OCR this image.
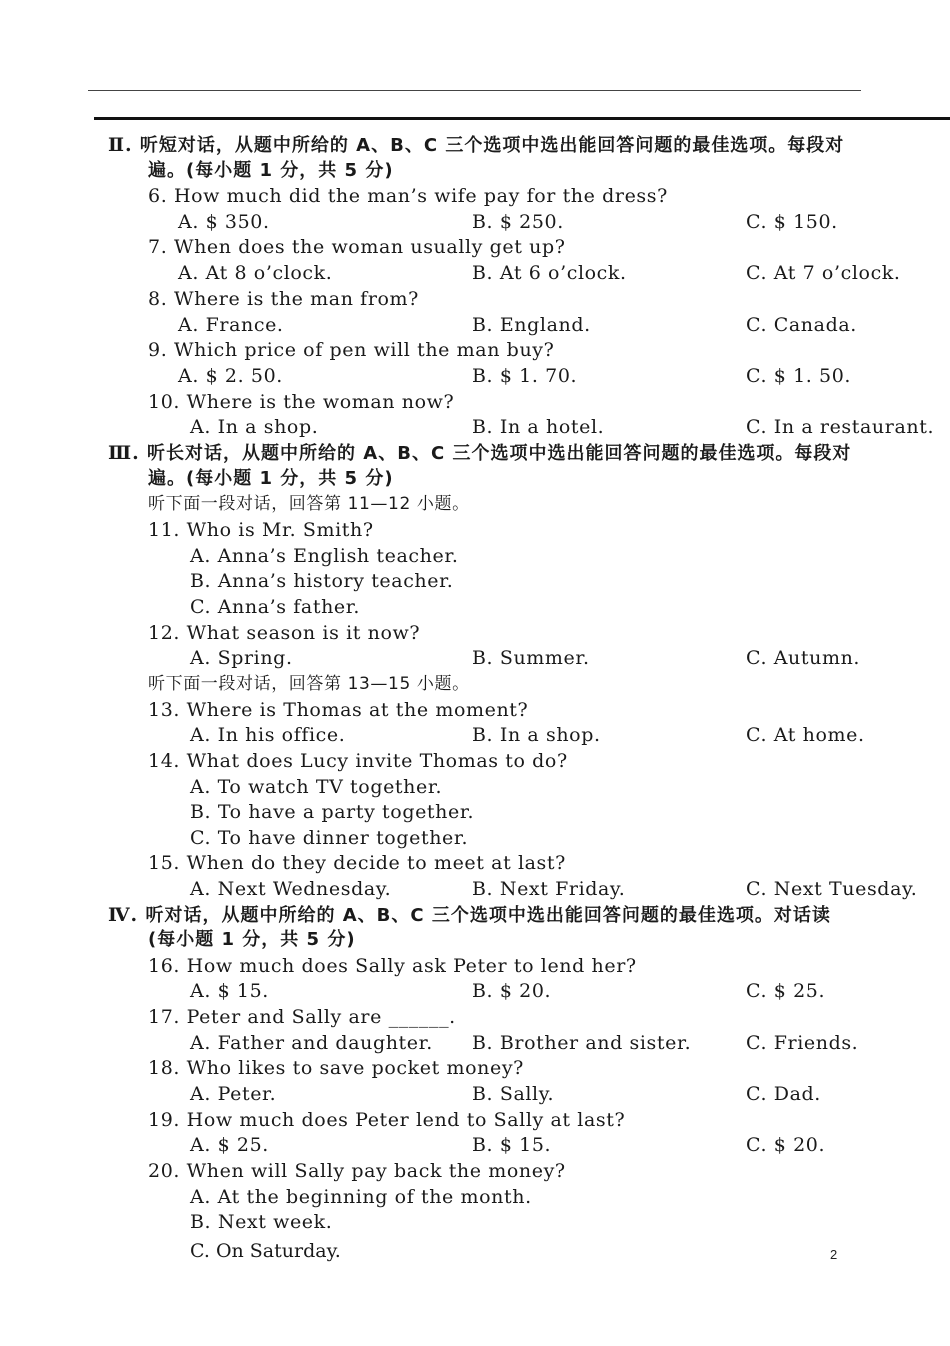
Ⅱ. 听短对话，从题中所给的 A、B、C 三个选项中选出能回答问题的最佳选项。每段对
遍。(每小题 1 分，共 5 分)
6. How much did the man’s wife pay for the dress?
A. $ 350.	B. $ 250.	C. $ 150.
7. When does the woman usually get up?
A. At 8 o’clock.	B. At 6 o’clock.	C. At 7 o’clock.
8. Where is the man from?
A. France.	B. England.	C. Canada.
9. Which price of pen will the man buy?
A. $ 2. 50.	B. $ 1. 70.	C. $ 1. 50.
10. Where is the woman now?
A. In a shop.	B. In a hotel.	C. In a restaurant.
Ⅲ. 听长对话，从题中所给的 A、B、C 三个选项中选出能回答问题的最佳选项。每段对
遍。(每小题 1 分，共 5 分)
听下面一段对话，回答第 11—12 小题。
11. Who is Mr. Smith?
A. Anna’s English teacher.
B. Anna’s history teacher.
C. Anna’s father.
12. What season is it now?
A. Spring.	B. Summer.	C. Autumn.
听下面一段对话，回答第 13—15 小题。
13. Where is Thomas at the moment?
A. In his office.	B. In a shop.	C. At home.
14. What does Lucy invite Thomas to do?
A. To watch TV together.
B. To have a party together.
C. To have dinner together.
15. When do they decide to meet at last?
A. Next Wednesday.	B. Next Friday.	C. Next Tuesday.
Ⅳ. 听对话，从题中所给的 A、B、C 三个选项中选出能回答问题的最佳选项。对话读
(每小题 1 分，共 5 分)
16. How much does Sally ask Peter to lend her?
A. $ 15.	B. $ 20.	C. $ 25.
17. Peter and Sally are ______.
A. Father and daughter. B. Brother and sister.	C. Friends.
18. Who likes to save pocket money?
A. Peter.	B. Sally.	C. Dad.
19. How much does Peter lend to Sally at last?
A. $ 25.	B. $ 15.	C. $ 20.
20. When will Sally pay back the money?
A. At the beginning of the month.
B. Next week.
C. On Saturday.	2
